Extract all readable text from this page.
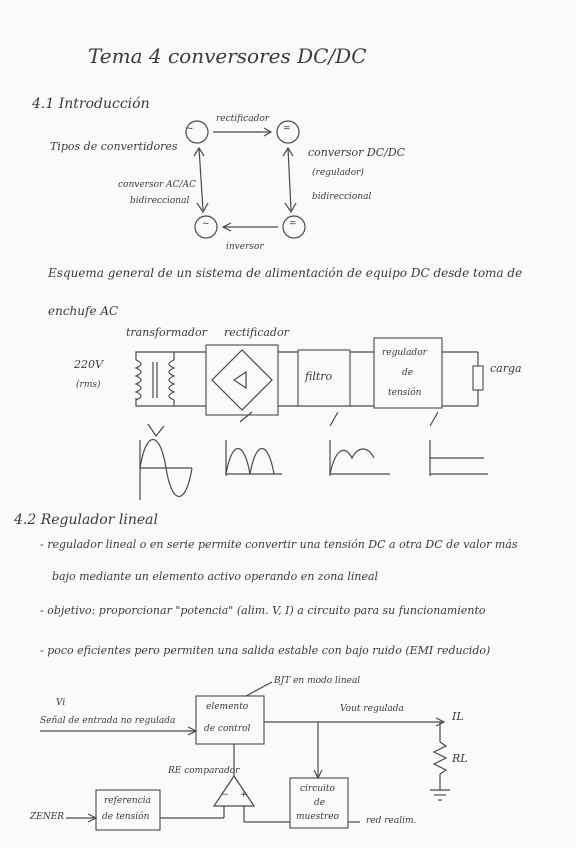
Tema 4 conversores DC/DC
4.1 Introducción
Tipos de convertidores
~	=
~	=
rectificador
conversor DC/DC
(regulador)
bidireccional
conversor AC/AC
bidireccional
inversor
Esquema general de un sistema de alimentación de equipo DC desde toma de
enchufe AC
transformador rectificador
220V
(rms)
filtro
regulador
de
tensión
carga
4.2 Regulador lineal
- regulador lineal o en serie permite convertir una tensión DC a otra DC de valor más
bajo mediante un elemento activo operando en zona lineal
- objetivo: proporcionar "potencia" (alim. V, I) a circuito para su funcionamiento
- poco eficientes pero permiten una salida estable con bajo ruido (EMI reducido)
BJT en modo lineal
Vi
Señal de entrada no regulada
elemento
de control
Vout regulada
IL
RL
RE comparador
referencia
de tensión
ZENER
circuito
de
muestreo	red realim.
− +
